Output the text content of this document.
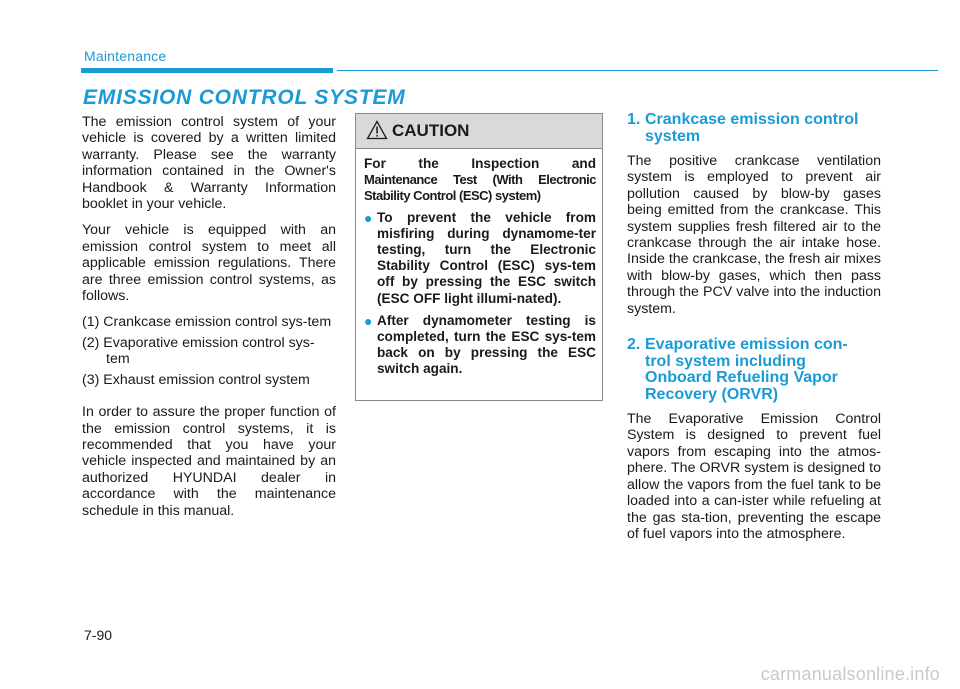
Maintenance
EMISSION CONTROL SYSTEM

The emission control system of your vehicle is covered by a written limited warranty. Please see the warranty information contained in the Owner's Handbook & Warranty Information booklet in your vehicle.

Your vehicle is equipped with an emission control system to meet all applicable emission regulations. There are three emission control systems, as follows.

(1) Crankcase emission control sys-tem
(2) Evaporative emission control sys-tem
(3) Exhaust emission control system

In order to assure the proper function of the emission control systems, it is recommended that you have your vehicle inspected and maintained by an authorized HYUNDAI dealer in accordance with the maintenance schedule in this manual.

CAUTION
For the Inspection and
Maintenance Test (With Electronic Stability Control (ESC) system)
● To prevent the vehicle from misfiring during dynamome-ter testing, turn the Electronic Stability Control (ESC) sys-tem off by pressing the ESC switch (ESC OFF light illumi-nated).
● After dynamometer testing is completed, turn the ESC sys-tem back on by pressing the ESC switch again.
1. Crankcase emission control
system

The positive crankcase ventilation system is employed to prevent air pollution caused by blow-by gases being emitted from the crankcase. This system supplies fresh filtered air to the crankcase through the air intake hose. Inside the crankcase, the fresh air mixes with blow-by gases, which then pass through the PCV valve into the induction system.

2. Evaporative emission con-
trol system including
Onboard Refueling Vapor
Recovery (ORVR)

The Evaporative Emission Control System is designed to prevent fuel vapors from escaping into the atmos-phere. The ORVR system is designed to allow the vapors from the fuel tank to be loaded into a can-ister while refueling at the gas sta-tion, preventing the escape of fuel vapors into the atmosphere.

7-90
carmanualsonline.info
